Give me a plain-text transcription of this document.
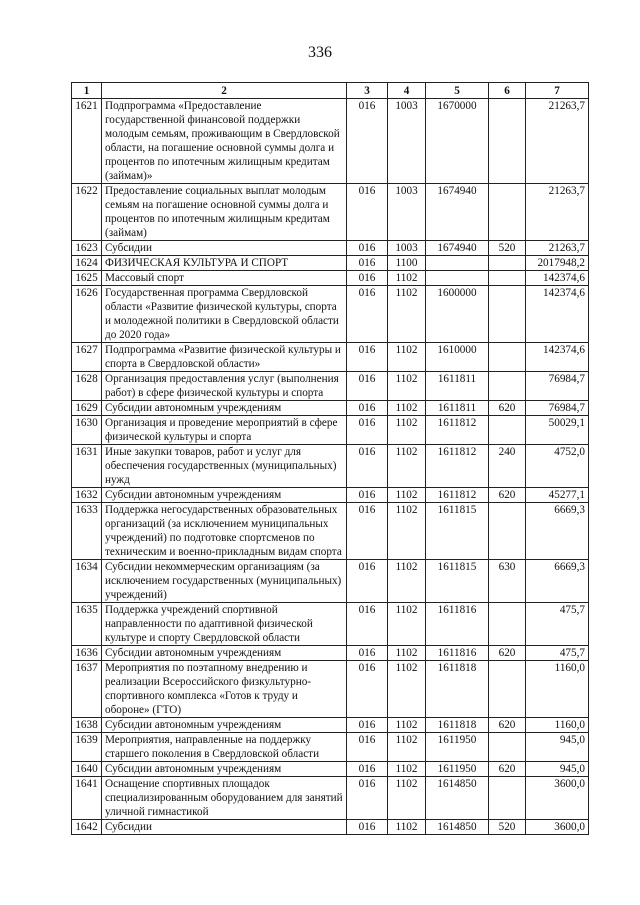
336
1	2	3	4	5	6	7
1621	Подпрограмма «Предоставление государственной финансовой поддержки молодым семьям, проживающим в Свердловской области, на погашение основной суммы долга и процентов по ипотечным жилищным кредитам (займам)»	016	1003	1670000		21263,7
1622	Предоставление социальных выплат молодым семьям на погашение основной суммы долга и процентов по ипотечным жилищным кредитам (займам)	016	1003	1674940		21263,7
1623	Субсидии	016	1003	1674940	520	21263,7
1624	ФИЗИЧЕСКАЯ КУЛЬТУРА И СПОРТ	016	1100			2017948,2
1625	Массовый спорт	016	1102			142374,6
1626	Государственная программа Свердловской области «Развитие физической культуры, спорта и молодежной политики в Свердловской области до 2020 года»	016	1102	1600000		142374,6
1627	Подпрограмма «Развитие физической культуры и спорта в Свердловской области»	016	1102	1610000		142374,6
1628	Организация предоставления услуг (выполнения работ) в сфере физической культуры и спорта	016	1102	1611811		76984,7
1629	Субсидии автономным учреждениям	016	1102	1611811	620	76984,7
1630	Организация и проведение мероприятий в сфере физической культуры и спорта	016	1102	1611812		50029,1
1631	Иные закупки товаров, работ и услуг для обеспечения государственных (муниципальных) нужд	016	1102	1611812	240	4752,0
1632	Субсидии автономным учреждениям	016	1102	1611812	620	45277,1
1633	Поддержка негосударственных образовательных организаций (за исключением муниципальных учреждений) по подготовке спортсменов по техническим и военно-прикладным видам спорта	016	1102	1611815		6669,3
1634	Субсидии некоммерческим организациям (за исключением государственных (муниципальных) учреждений)	016	1102	1611815	630	6669,3
1635	Поддержка учреждений спортивной направленности по адаптивной физической культуре и спорту Свердловской области	016	1102	1611816		475,7
1636	Субсидии автономным учреждениям	016	1102	1611816	620	475,7
1637	Мероприятия по поэтапному внедрению и реализации Всероссийского физкультурно-спортивного комплекса «Готов к труду и обороне» (ГТО)	016	1102	1611818		1160,0
1638	Субсидии автономным учреждениям	016	1102	1611818	620	1160,0
1639	Мероприятия, направленные на поддержку старшего поколения в Свердловской области	016	1102	1611950		945,0
1640	Субсидии автономным учреждениям	016	1102	1611950	620	945,0
1641	Оснащение спортивных площадок специализированным оборудованием для занятий уличной гимнастикой	016	1102	1614850		3600,0
1642	Субсидии	016	1102	1614850	520	3600,0
